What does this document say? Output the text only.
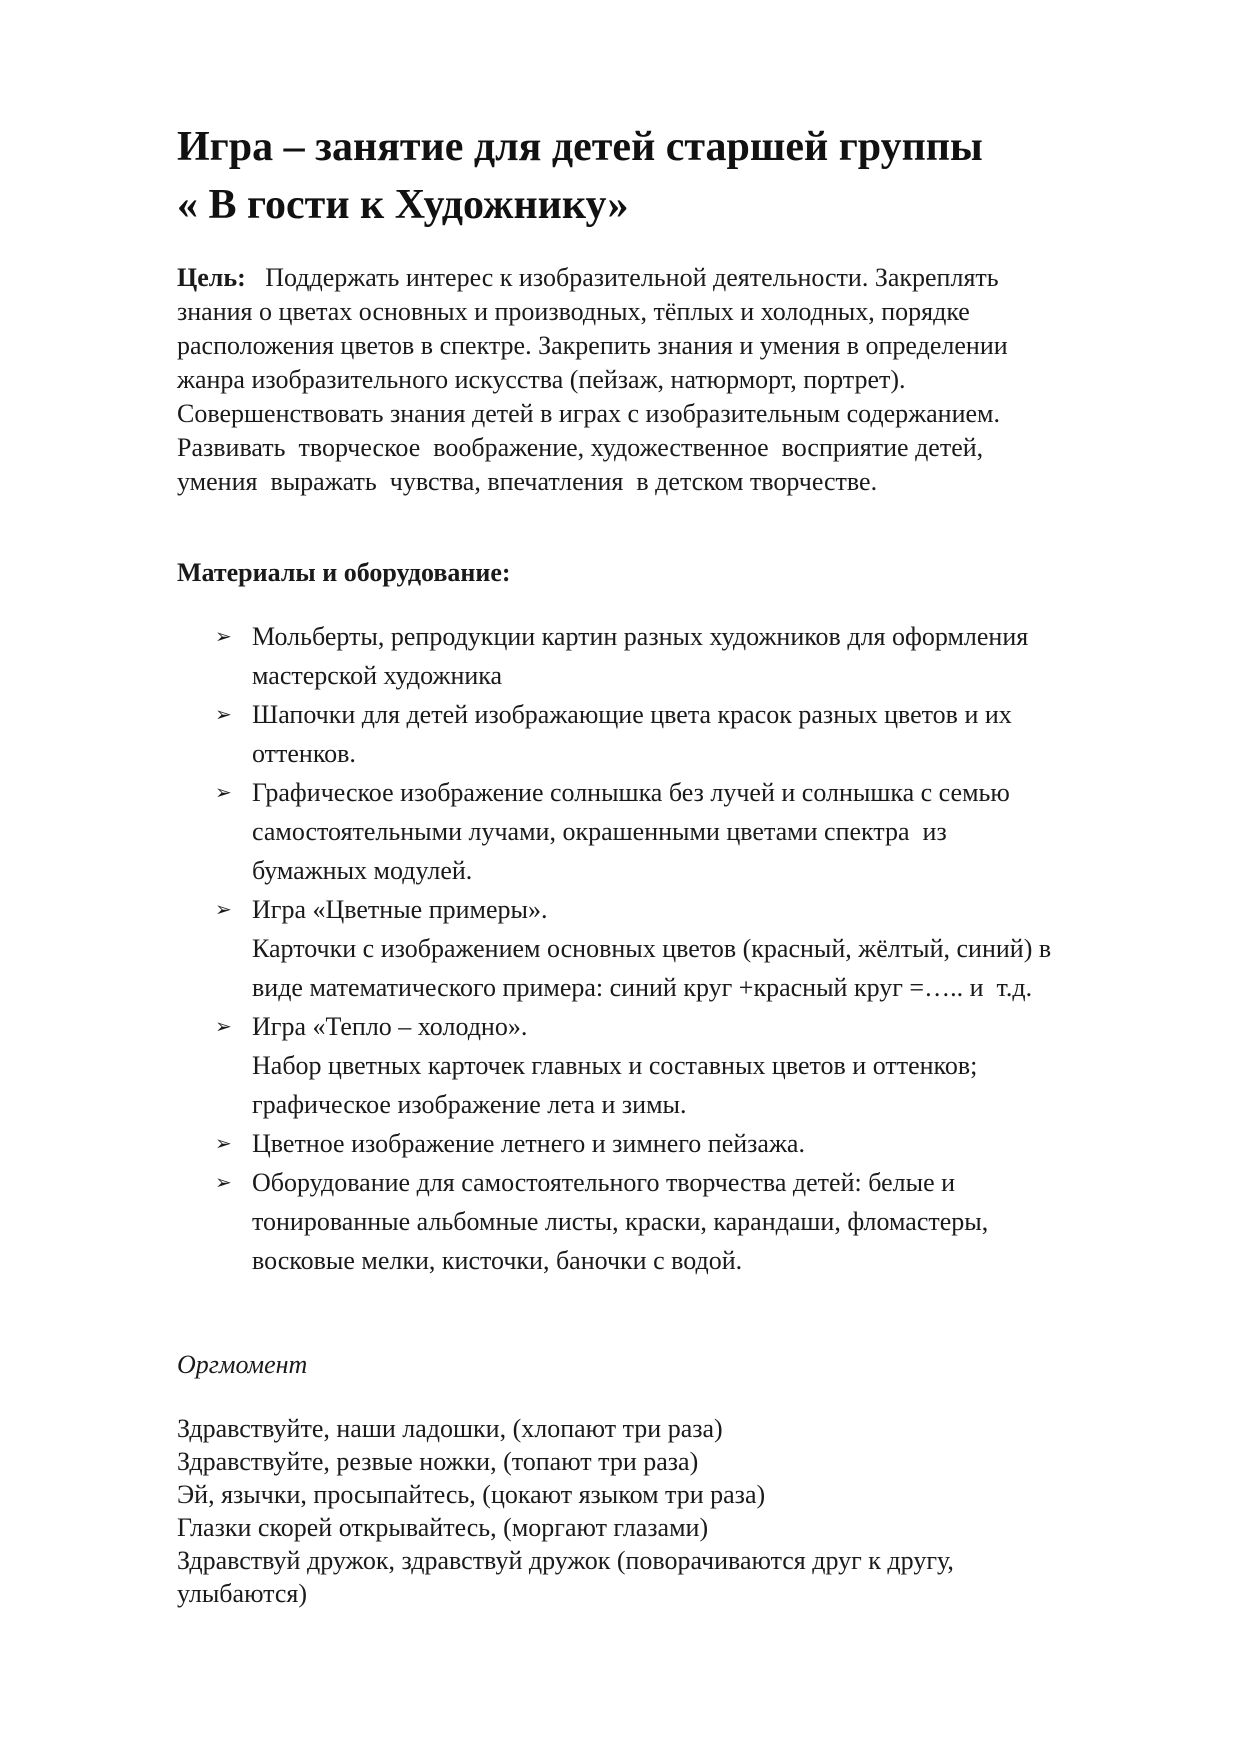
Игра – занятие для детей старшей группы
« В гости к Художнику»
Цель:   Поддержать интерес к изобразительной деятельности. Закреплять
знания о цветах основных и производных, тёплых и холодных, порядке
расположения цветов в спектре. Закрепить знания и умения в определении
жанра изобразительного искусства (пейзаж, натюрморт, портрет).
Совершенствовать знания детей в играх с изобразительным содержанием.
Развивать  творческое  воображение, художественное  восприятие детей,
умения  выражать  чувства, впечатления  в детском творчестве.
Материалы и оборудование:
➢ Мольберты, репродукции картин разных художников для оформления
мастерской художника
➢ Шапочки для детей изображающие цвета красок разных цветов и их
оттенков.
➢ Графическое изображение солнышка без лучей и солнышка с семью
самостоятельными лучами, окрашенными цветами спектра  из
бумажных модулей.
➢ Игра «Цветные примеры».
Карточки с изображением основных цветов (красный, жёлтый, синий) в
виде математического примера: синий круг +красный круг =….. и  т.д.
➢ Игра «Тепло – холодно».
Набор цветных карточек главных и составных цветов и оттенков;
графическое изображение лета и зимы.
➢ Цветное изображение летнего и зимнего пейзажа.
➢ Оборудование для самостоятельного творчества детей: белые и
тонированные альбомные листы, краски, карандаши, фломастеры,
восковые мелки, кисточки, баночки с водой.
Оргмомент
Здравствуйте, наши ладошки, (хлопают три раза)
Здравствуйте, резвые ножки, (топают три раза)
Эй, язычки, просыпайтесь, (цокают языком три раза)
Глазки скорей открывайтесь, (моргают глазами)
Здравствуй дружок, здравствуй дружок (поворачиваются друг к другу,
улыбаются)
